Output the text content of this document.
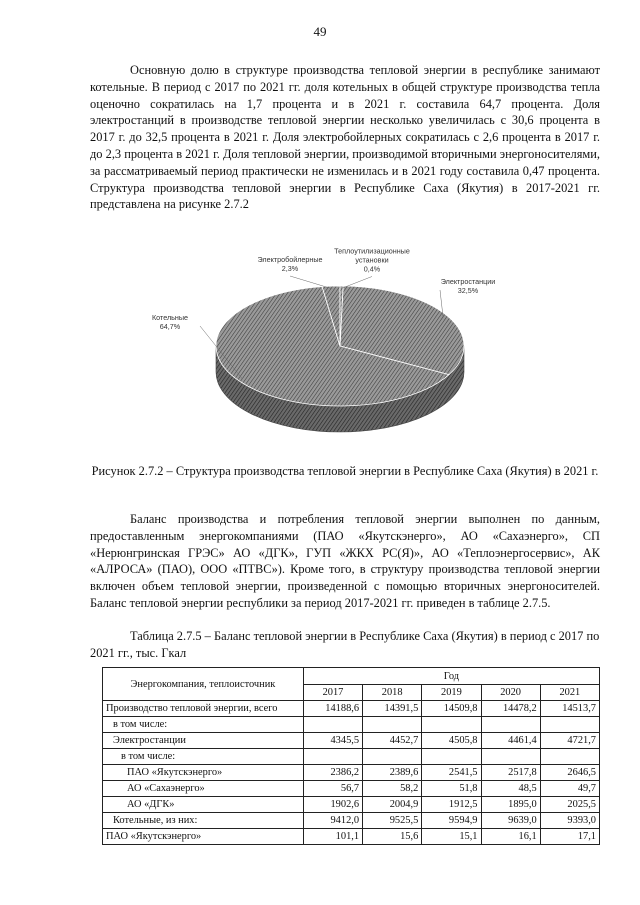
49

Основную долю в структуре производства тепловой энергии в республике занимают котельные. В период с 2017 по 2021 гг. доля котельных в общей структуре производства тепла оценочно сократилась на 1,7 процента и в 2021 г. составила 64,7 процента. Доля электростанций в производстве тепловой энергии несколько увеличилась с 30,6 процента в 2017 г. до 32,5 процента в 2021 г. Доля электробойлерных сократилась с 2,6 процента в 2017 г. до 2,3 процента в 2021 г. Доля тепловой энергии, производимой вторичными энергоносителями, за рассматриваемый период практически не изменилась и в 2021 году составила 0,47 процента. Структура производства тепловой энергии в Республике Саха (Якутия) в 2017-2021 гг. представлена на рисунке 2.7.2

Котельные
64,7%
Электростанции
32,5%
Электробойлерные
2,3%
Теплоутилизационные
установки
0,4%
Рисунок 2.7.2 – Структура производства тепловой энергии в Республике Саха (Якутия) в 2021 г.

Баланс производства и потребления тепловой энергии выполнен по данным, предоставленным энергокомпаниями (ПАО «Якутскэнерго», АО «Сахаэнерго», СП «Нерюнгринская ГРЭС» АО «ДГК», ГУП «ЖКХ РС(Я)», АО «Теплоэнергосервис», АК «АЛРОСА» (ПАО), ООО «ПТВС»). Кроме того, в структуру производства тепловой энергии включен объем тепловой энергии, произведенной с помощью вторичных энергоносителей. Баланс тепловой энергии республики за период 2017-2021 гг. приведен в таблице 2.7.5.

Таблица 2.7.5 – Баланс тепловой энергии в Республике Саха (Якутия) в период с 2017 по 2021 гг., тыс. Гкал

Энергокомпания, теплоисточник	Год				
	2017	2018	2019	2020	2021
Производство тепловой энергии, всего	14188,6	14391,5	14509,8	14478,2	14513,7
в том числе:					
Электростанции	4345,5	4452,7	4505,8	4461,4	4721,7
в том числе:					
ПАО «Якутскэнерго»	2386,2	2389,6	2541,5	2517,8	2646,5
АО «Сахаэнерго»	56,7	58,2	51,8	48,5	49,7
АО «ДГК»	1902,6	2004,9	1912,5	1895,0	2025,5
Котельные, из них:	9412,0	9525,5	9594,9	9639,0	9393,0
ПАО «Якутскэнерго»	101,1	15,6	15,1	16,1	17,1
